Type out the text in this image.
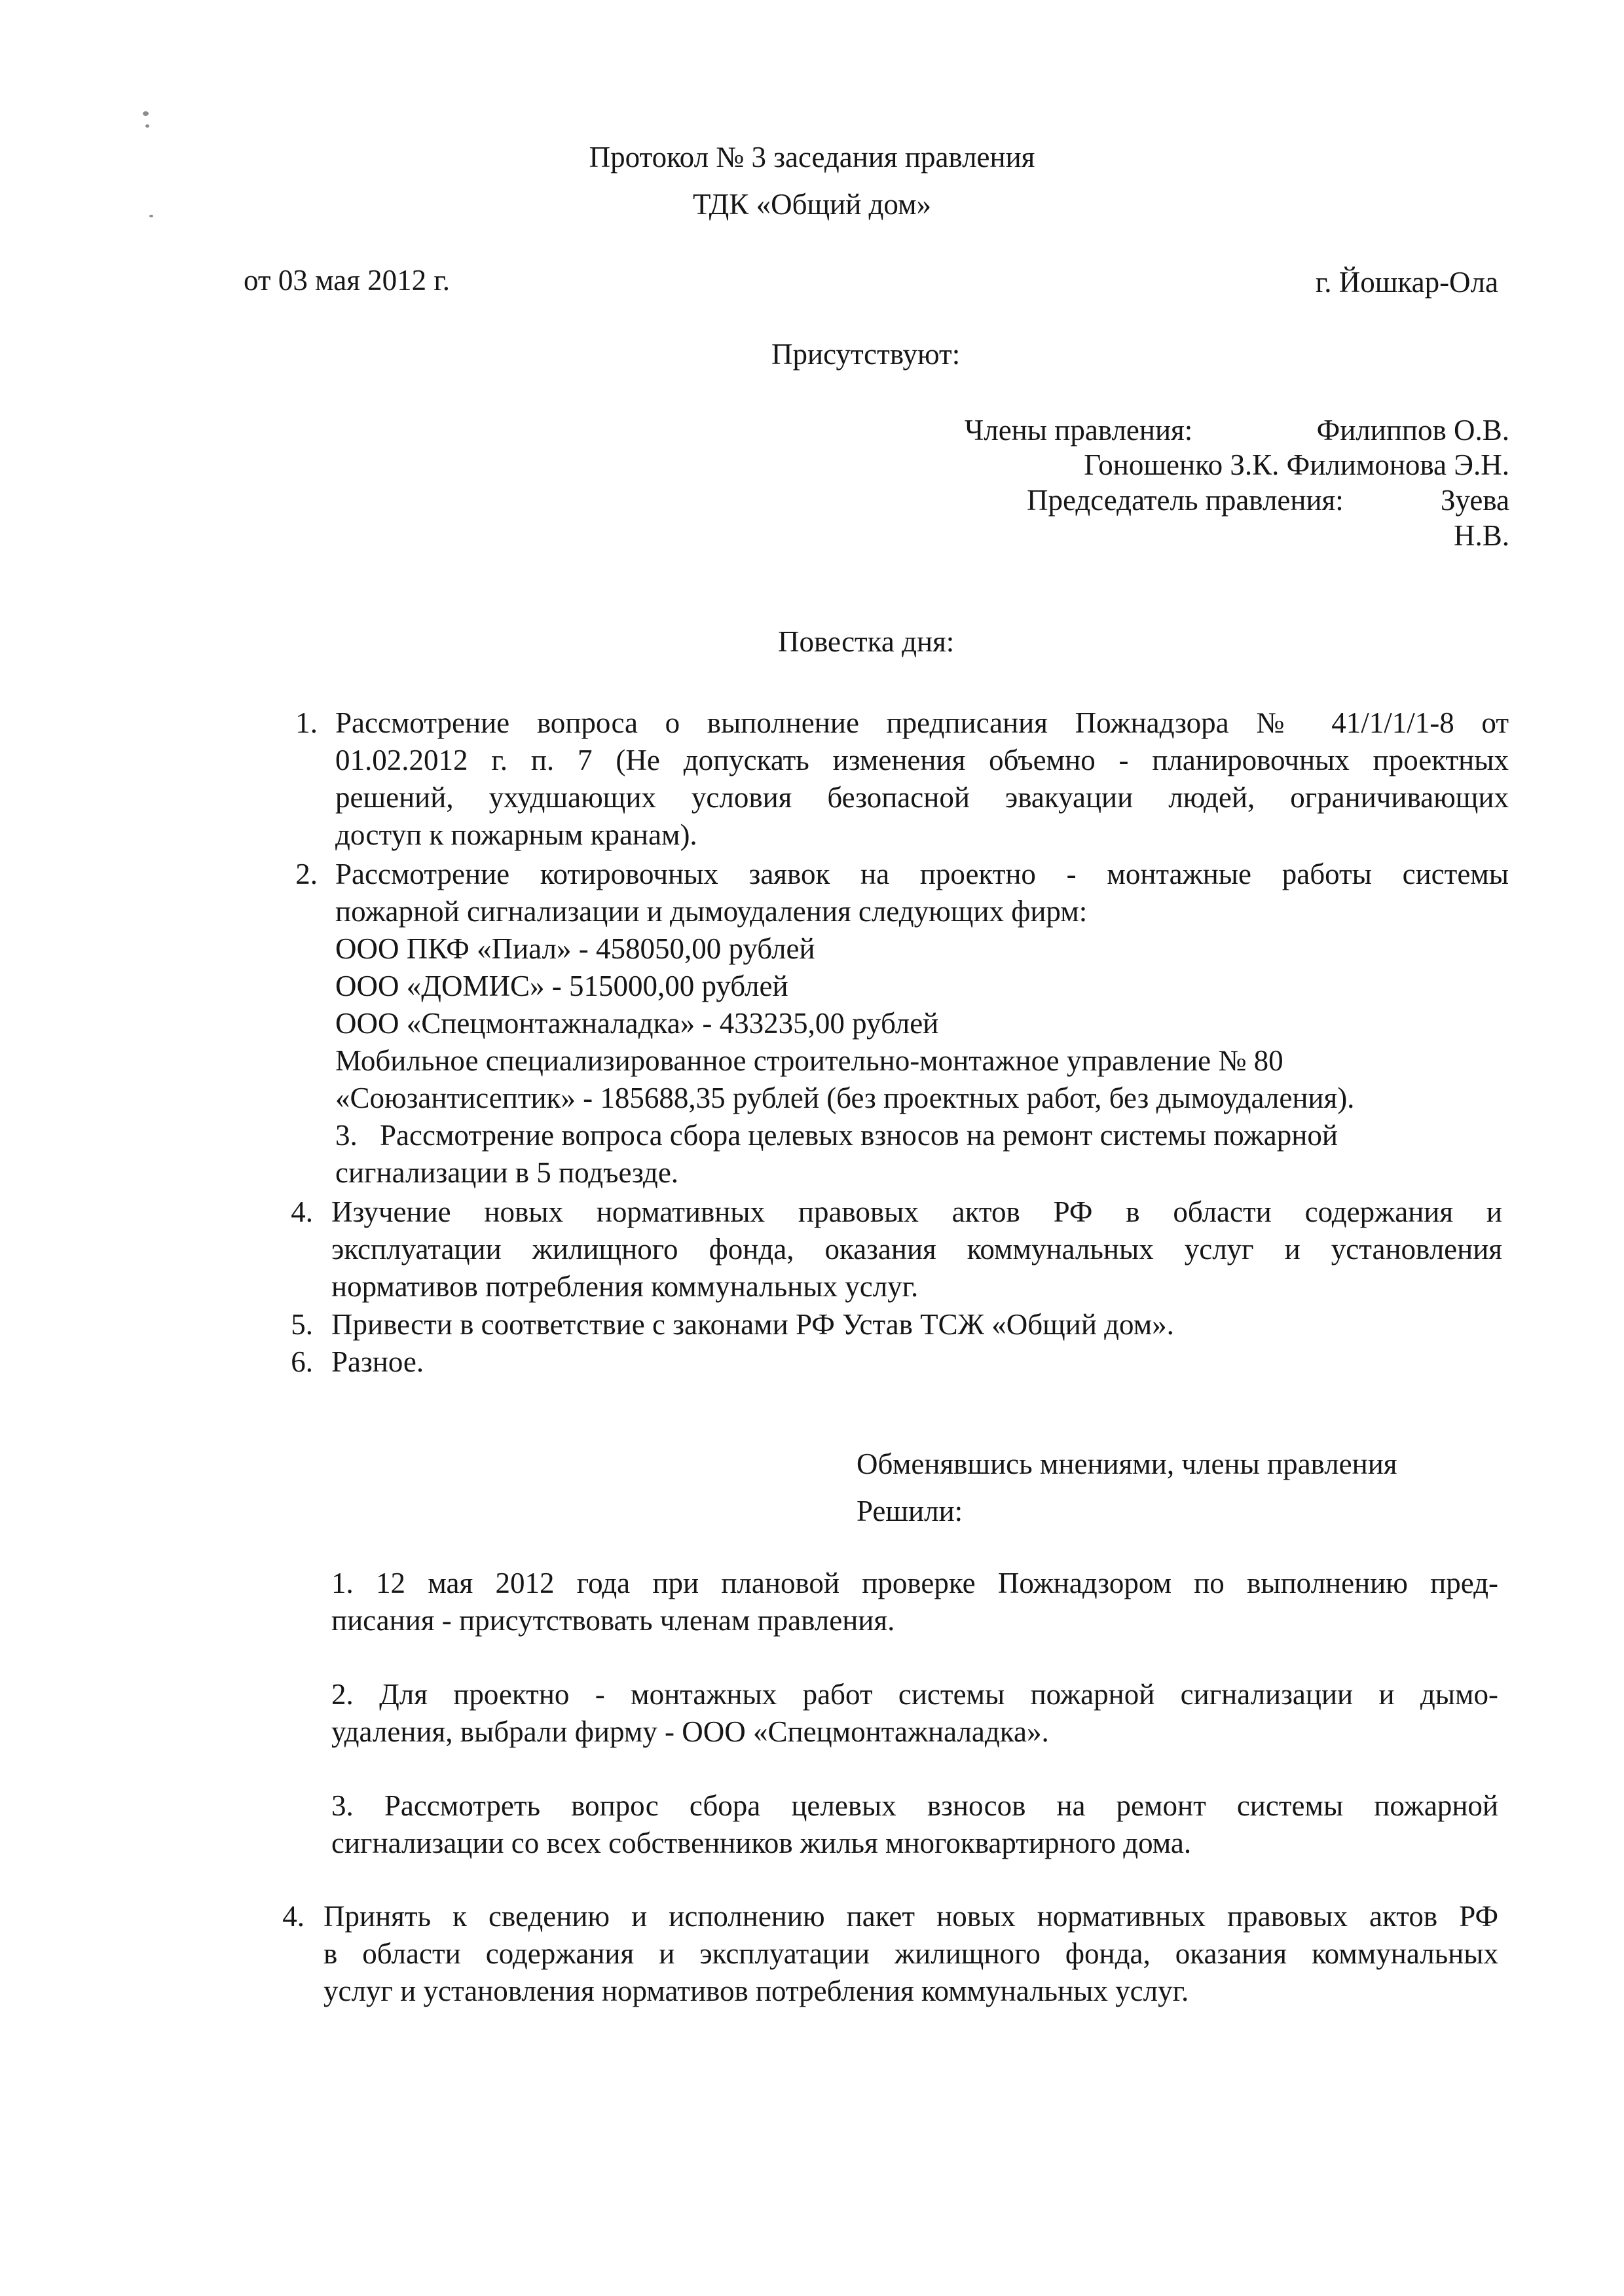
Протокол № 3 заседания правления
ТДК «Общий дом»
от 03 мая 2012 г.	г. Йошкар-Ола
Присутствуют:
Члены правления:	Филиппов О.В.
Гоношенко З.К. Филимонова Э.Н.
Председатель правления:	Зуева
Н.В.
Повестка дня:
1. Рассмотрение вопроса о выполнение предписания Пожнадзора № 41/1/1/1-8 от
01.02.2012 г. п. 7 (Не допускать изменения объемно - планировочных проектных
решений, ухудшающих условия безопасной эвакуации людей, ограничивающих
доступ к пожарным кранам).
2. Рассмотрение котировочных заявок на проектно - монтажные работы системы
пожарной сигнализации и дымоудаления следующих фирм:
ООО ПКФ «Пиал» - 458050,00 рублей
ООО «ДОМИС» - 515000,00 рублей
ООО «Спецмонтажналадка» - 433235,00 рублей
Мобильное специализированное строительно-монтажное управление № 80
«Союзантисептик» - 185688,35 рублей (без проектных работ, без дымоудаления).
3. Рассмотрение вопроса сбора целевых взносов на ремонт системы пожарной
сигнализации в 5 подъезде.
4. Изучение новых нормативных правовых актов РФ в области содержания и
эксплуатации жилищного фонда, оказания коммунальных услуг и установления
нормативов потребления коммунальных услуг.
5. Привести в соответствие с законами РФ Устав ТСЖ «Общий дом».
6. Разное.
Обменявшись мнениями, члены правления
Решили:
1. 12 мая 2012 года при плановой проверке Пожнадзором по выполнению пред-
писания - присутствовать членам правления.
2. Для проектно - монтажных работ системы пожарной сигнализации и дымо-
удаления, выбрали фирму - ООО «Спецмонтажналадка».
3. Рассмотреть вопрос сбора целевых взносов на ремонт системы пожарной
сигнализации со всех собственников жилья многоквартирного дома.
4. Принять к сведению и исполнению пакет новых нормативных правовых актов РФ
в области содержания и эксплуатации жилищного фонда, оказания коммунальных
услуг и установления нормативов потребления коммунальных услуг.
